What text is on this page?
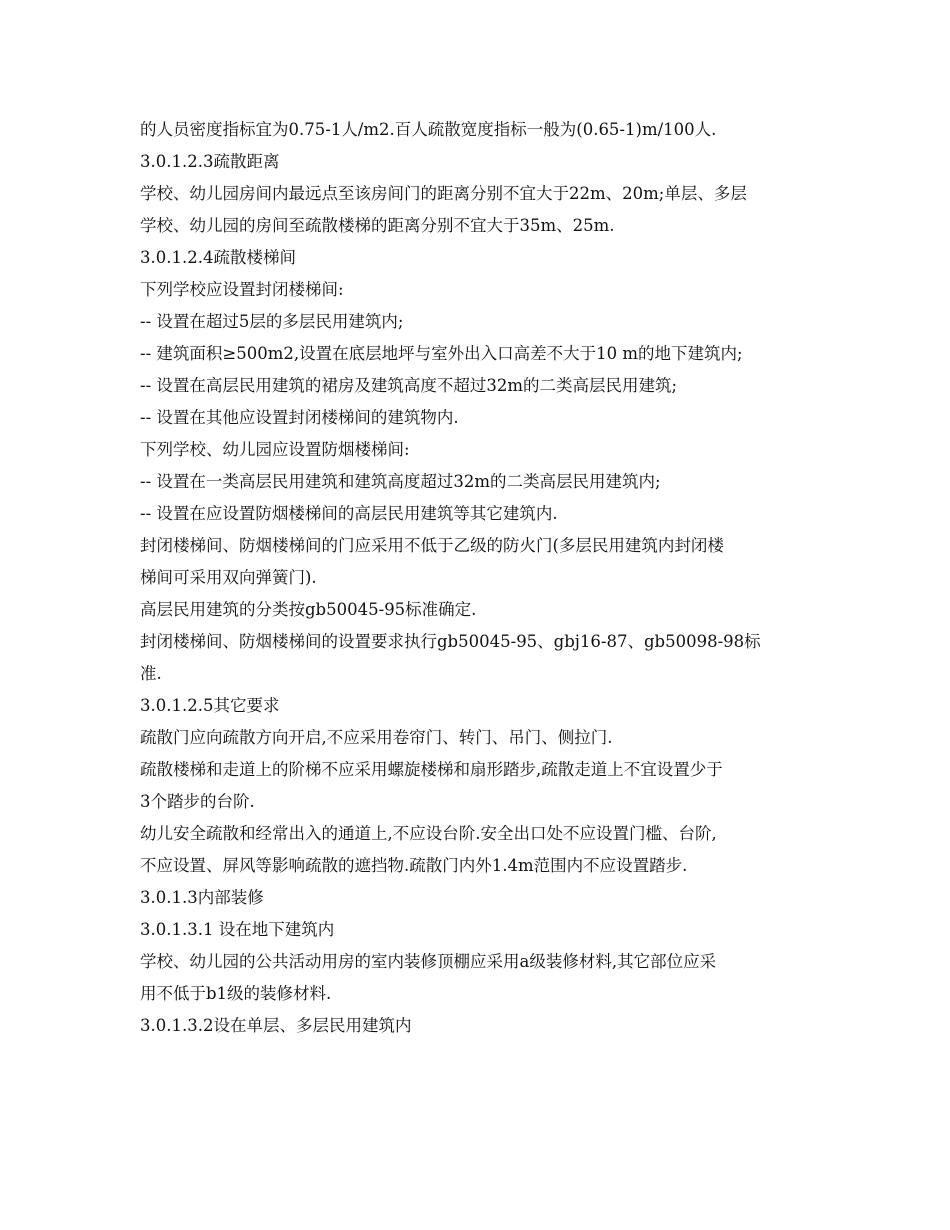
的人员密度指标宜为0.75-1人/m2.百人疏散宽度指标一般为(0.65-1)m/100人.

3.0.1.2.3疏散距离

学校、幼儿园房间内最远点至该房间门的距离分别不宜大于22m、20m;单层、多层

学校、幼儿园的房间至疏散楼梯的距离分别不宜大于35m、25m.

3.0.1.2.4疏散楼梯间

下列学校应设置封闭楼梯间:

-- 设置在超过5层的多层民用建筑内;

-- 建筑面积≥500m2,设置在底层地坪与室外出入口高差不大于10 m的地下建筑内;

-- 设置在高层民用建筑的裙房及建筑高度不超过32m的二类高层民用建筑;

-- 设置在其他应设置封闭楼梯间的建筑物内.

下列学校、幼儿园应设置防烟楼梯间:

-- 设置在一类高层民用建筑和建筑高度超过32m的二类高层民用建筑内;

-- 设置在应设置防烟楼梯间的高层民用建筑等其它建筑内.

封闭楼梯间、防烟楼梯间的门应采用不低于乙级的防火门(多层民用建筑内封闭楼

梯间可采用双向弹簧门).

高层民用建筑的分类按gb50045-95标准确定.

封闭楼梯间、防烟楼梯间的设置要求执行gb50045-95、gbj16-87、gb50098-98标

准.

3.0.1.2.5其它要求

疏散门应向疏散方向开启,不应采用卷帘门、转门、吊门、侧拉门.

疏散楼梯和走道上的阶梯不应采用螺旋楼梯和扇形踏步,疏散走道上不宜设置少于

3个踏步的台阶.

幼儿安全疏散和经常出入的通道上,不应设台阶.安全出口处不应设置门槛、台阶,

不应设置、屏风等影响疏散的遮挡物.疏散门内外1.4m范围内不应设置踏步.

3.0.1.3内部装修

3.0.1.3.1 设在地下建筑内

学校、幼儿园的公共活动用房的室内装修顶棚应采用a级装修材料,其它部位应采

用不低于b1级的装修材料.

3.0.1.3.2设在单层、多层民用建筑内
